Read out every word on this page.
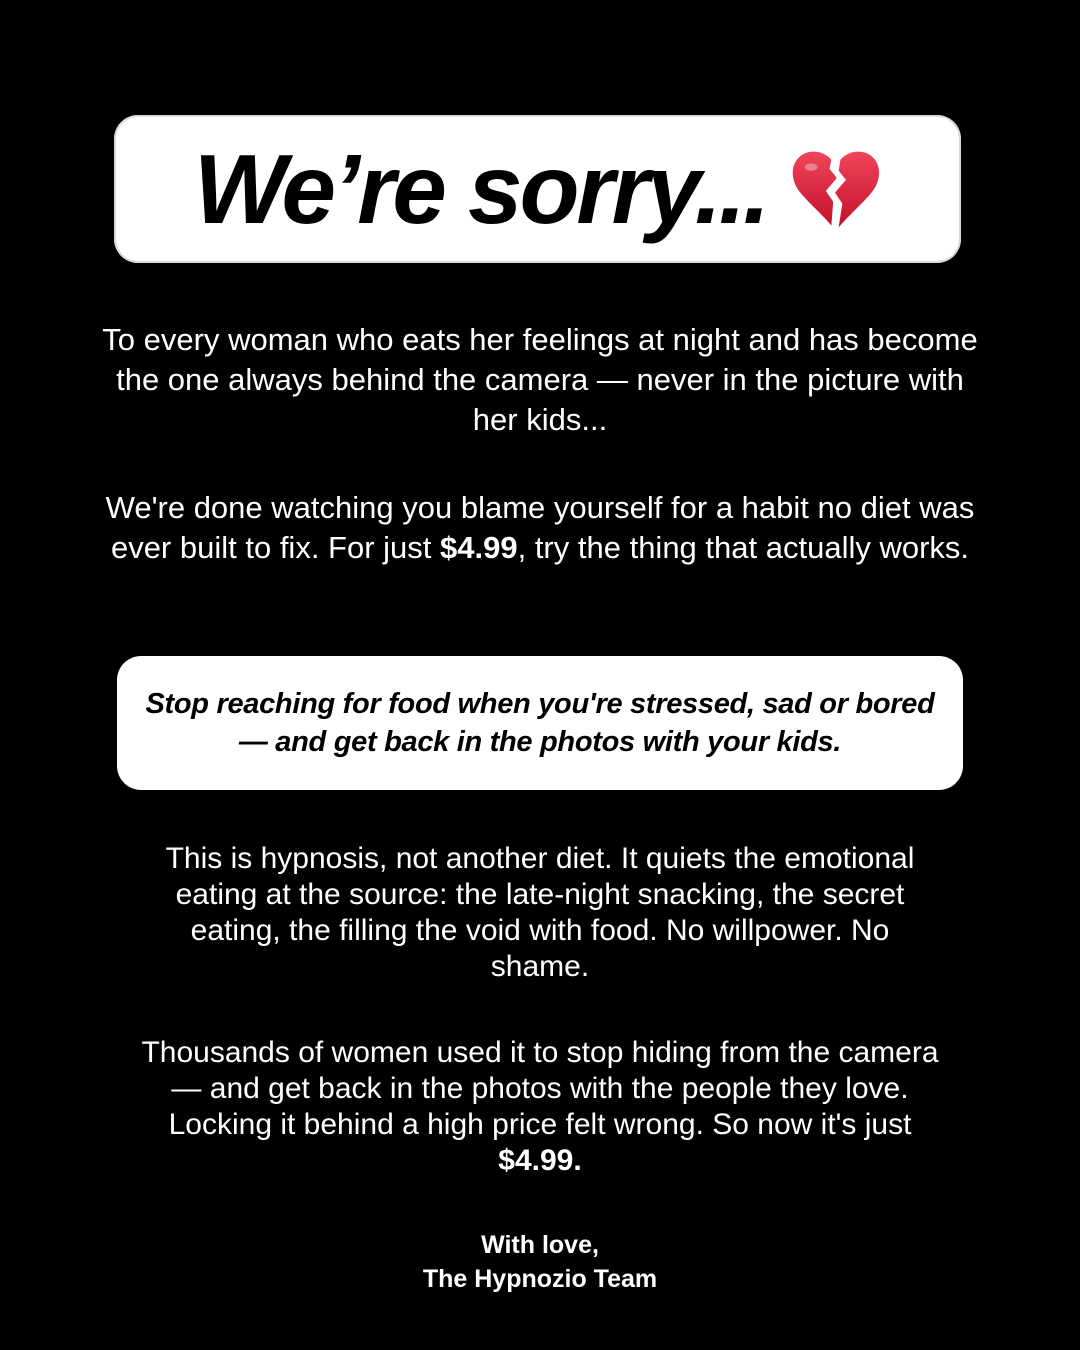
We’re sorry...

To every woman who eats her feelings at night and has become the one always behind the camera — never in the picture with her kids...

We're done watching you blame yourself for a habit no diet was ever built to fix. For just $4.99, try the thing that actually works.

Stop reaching for food when you're stressed, sad or bored — and get back in the photos with your kids.

This is hypnosis, not another diet. It quiets the emotional eating at the source: the late-night snacking, the secret eating, the filling the void with food. No willpower. No shame.

Thousands of women used it to stop hiding from the camera — and get back in the photos with the people they love. Locking it behind a high price felt wrong. So now it's just $4.99.

With love,
The Hypnozio Team
